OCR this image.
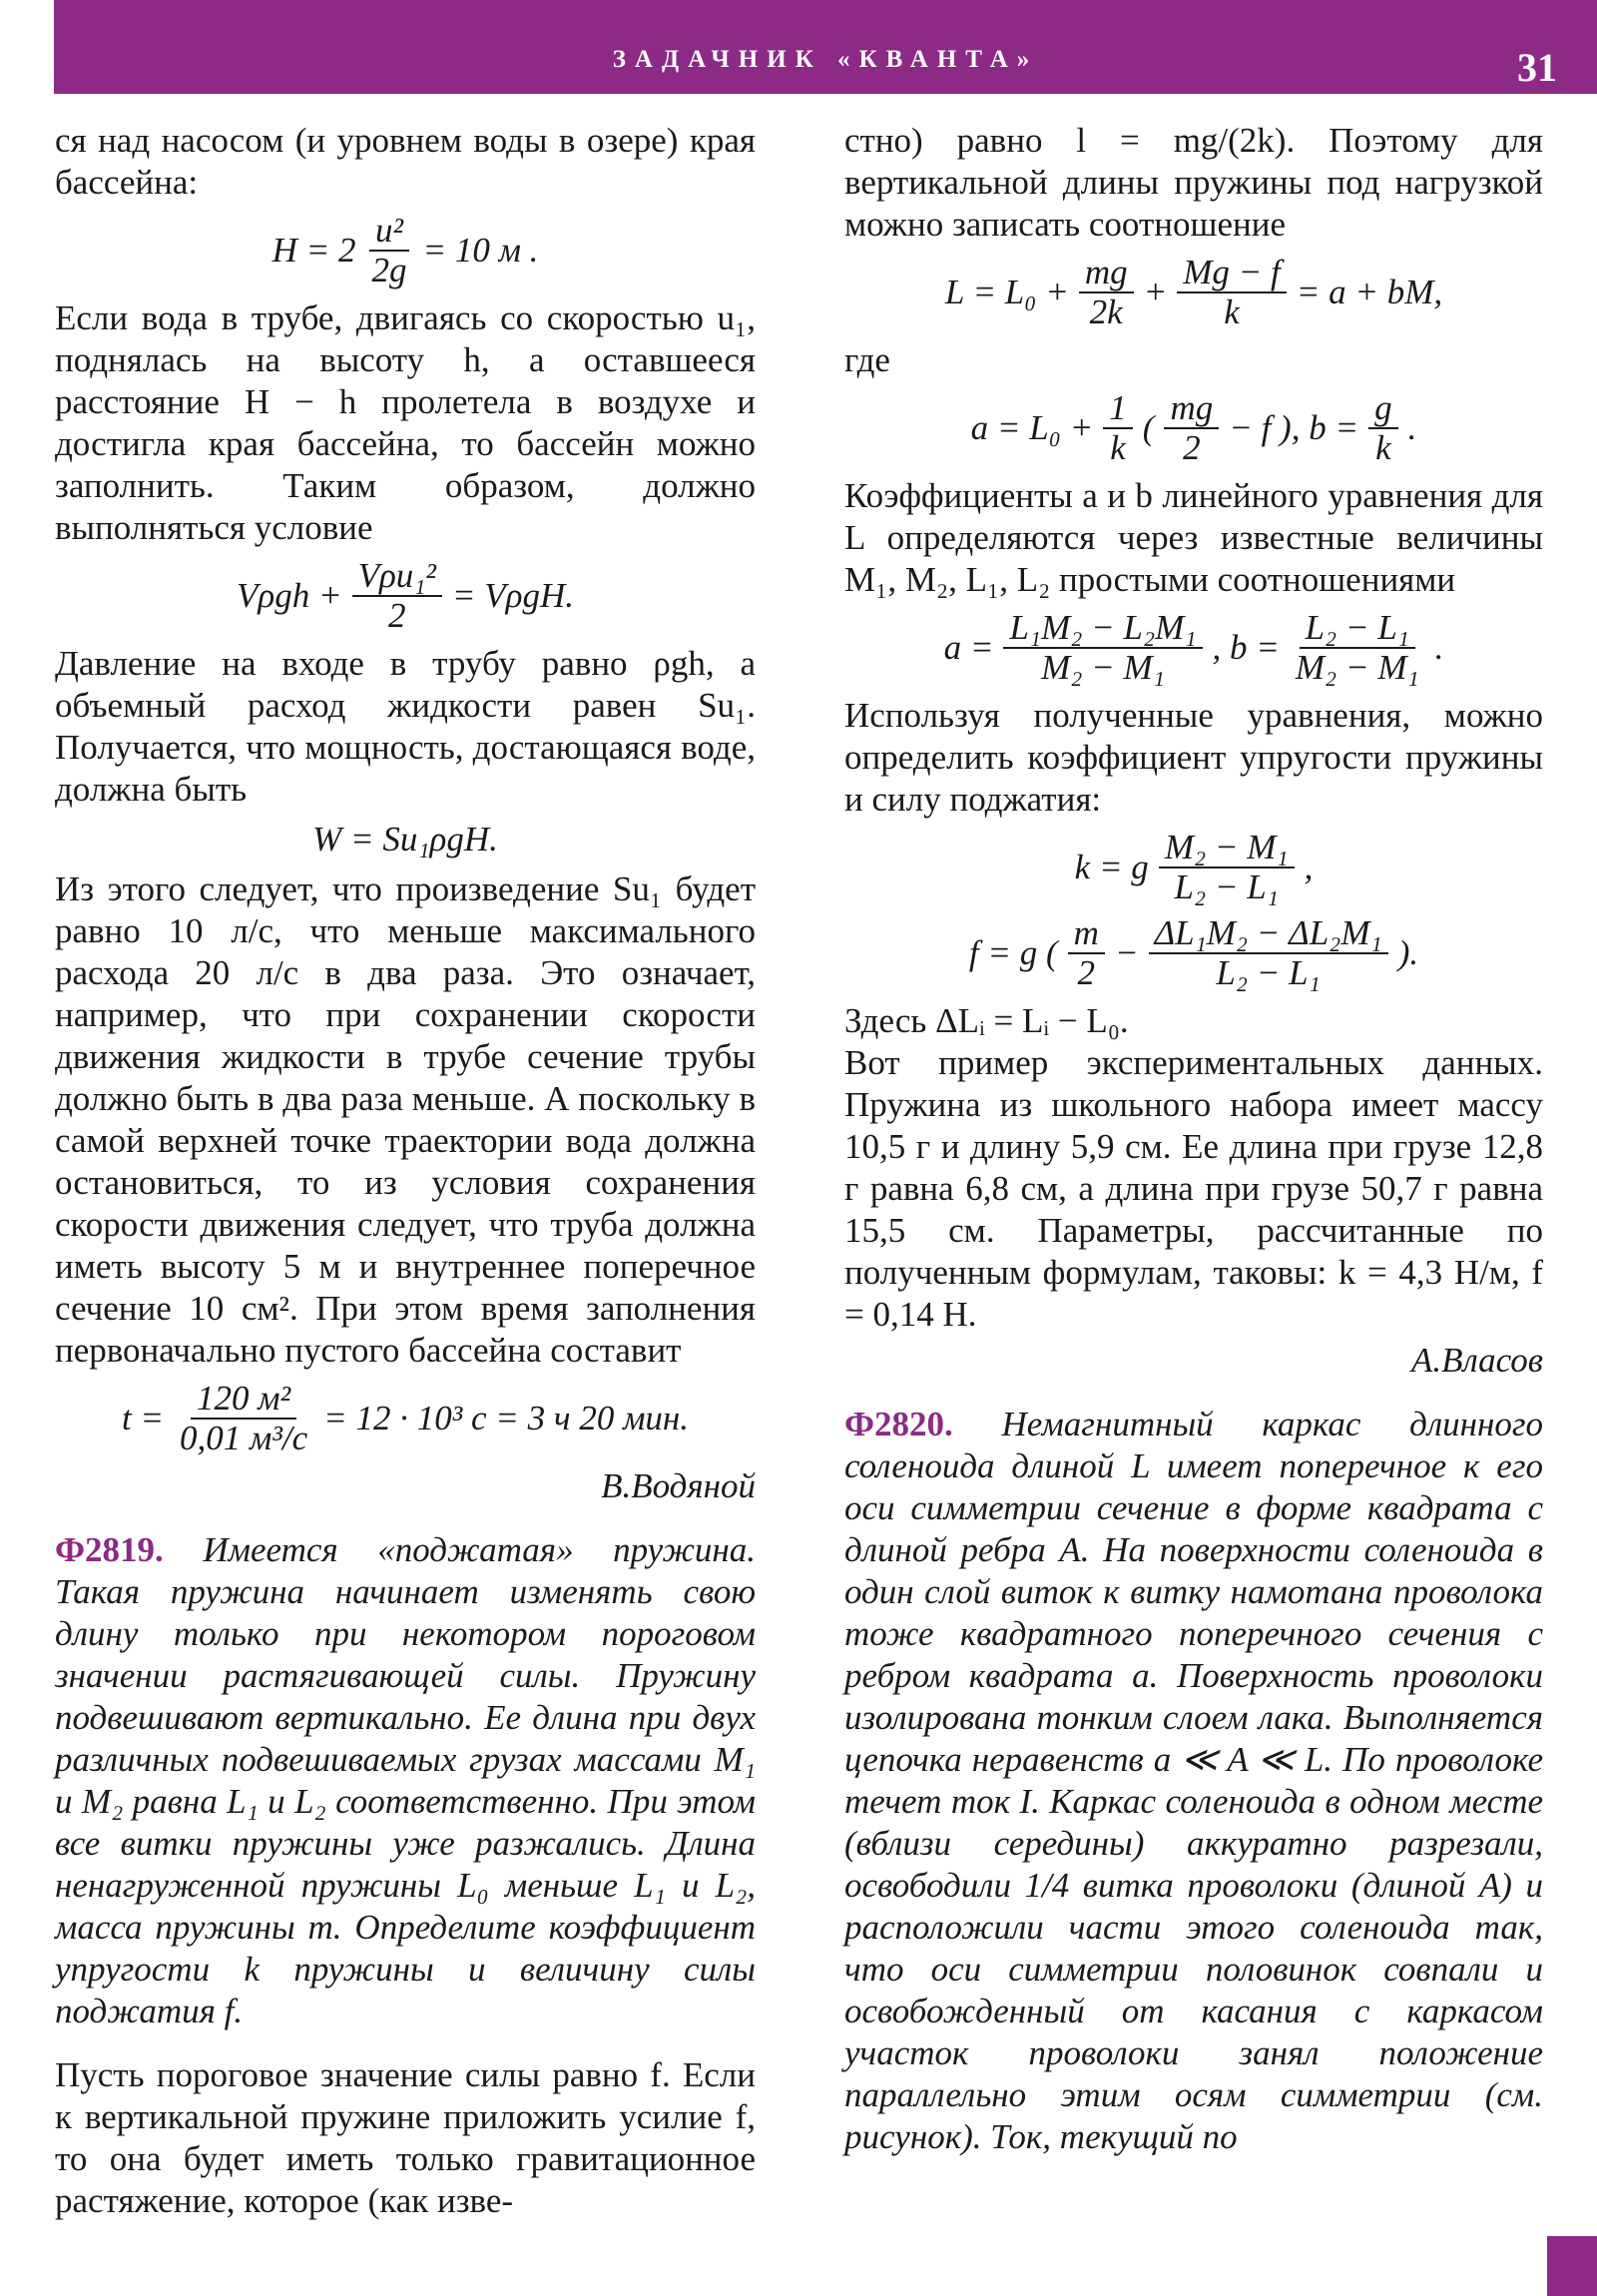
ЗАДАЧНИК «КВАНТА»	31

ся над насосом (и уровнем воды в озере) края бассейна:

$H = 2 \frac{\text{u²}}{2g} = 10$ м .

Если вода в трубе, двигаясь со скоростью u₁, поднялась на высоту h, а оставшееся расстояние H − h пролетела в воздухе и достигла края бассейна, то бассейн можно заполнить. Таким образом, должно выполняться условие

$V\rho gh + \frac{\text{Vρu₁²}}{2} = V\rho gH$.

Давление на входе в трубу равно ρgh, а объемный расход жидкости равен Su₁. Получается, что мощность, достающаяся воде, должна быть

W = Su₁ρgH.

Из этого следует, что произведение Su₁ будет равно 10 л/с, что меньше максимального расхода 20 л/с в два раза. Это означает, например, что при сохранении скорости движения жидкости в трубе сечение трубы должно быть в два раза меньше. А поскольку в самой верхней точке траектории вода должна остановиться, то из условия сохранения скорости движения следует, что труба должна иметь высоту 5 м и внутреннее поперечное сечение 10 см². При этом время заполнения первоначально пустого бассейна составит

$t = \frac{\text{120 м²}}{\text{0,01 м³/с}} = 12 \cdot 10^3$ с = 3 ч 20 мин.
В.Водяной

Ф2819. Имеется «поджатая» пружина. Такая пружина начинает изменять свою длину только при некотором пороговом значении растягивающей силы. Пружину подвешивают вертикально. Ее длина при двух различных подвешиваемых грузах массами M₁ и M₂ равна L₁ и L₂ соответственно. При этом все витки пружины уже разжались. Длина ненагруженной пружины L₀ меньше L₁ и L₂, масса пружины m. Определите коэффициент упругости k пружины и величину силы поджатия f.

Пусть пороговое значение силы равно f. Если к вертикальной пружине приложить усилие f, то она будет иметь только гравитационное растяжение, которое (как изве-

стно) равно l = mg/(2k). Поэтому для вертикальной длины пружины под нагрузкой можно записать соотношение

$L = L_0 + \frac{mg}{2k} + \frac{Mg - f}{k} = a$ + bM,

где

$a = L_0 + \frac{1}{k}$ ( $\frac{mg}{2} - f$ ), $b = \frac{g}{k}$ .

Коэффициенты a и b линейного уравнения для L определяются через известные величины M₁, M₂, L₁, L₂ простыми соотношениями

$a = \frac{\text{L₁M₂ − L₂M₁}}{\text{M₂ − M₁}}$ , $b = \frac{\text{L₂ − L₁}}{\text{M₂ − M₁}}$ .

Используя полученные уравнения, можно определить коэффициент упругости пружины и силу поджатия:

k = g $\frac{\text{M₂ − M₁}}{\text{L₂ − L₁}}$ ,
f = g ( $\frac{m}{2} - \frac{\text{ΔL₁M₂ − ΔL₂M₁}}{\text{L₂ − L₁}}$ ).

Здесь ΔLᵢ = Lᵢ − L₀.

Вот пример экспериментальных данных. Пружина из школьного набора имеет массу 10,5 г и длину 5,9 см. Ее длина при грузе 12,8 г равна 6,8 см, а длина при грузе 50,7 г равна 15,5 см. Параметры, рассчитанные по полученным формулам, таковы: k = 4,3 Н/м, f = 0,14 Н.

А.Власов

Ф2820. Немагнитный каркас длинного соленоида длиной L имеет поперечное к его оси симметрии сечение в форме квадрата с длиной ребра A. На поверхности соленоида в один слой виток к витку намотана проволока тоже квадратного поперечного сечения с ребром квадрата a. Поверхность проволоки изолирована тонким слоем лака. Выполняется цепочка неравенств a ≪ A ≪ L. По проволоке течет ток I. Каркас соленоида в одном месте (вблизи середины) аккуратно разрезали, освободили 1/4 витка проволоки (длиной A) и расположили части этого соленоида так, что оси симметрии половинок совпали и освобожденный от касания с каркасом участок проволоки занял положение параллельно этим осям симметрии (см. рисунок). Ток, текущий по
